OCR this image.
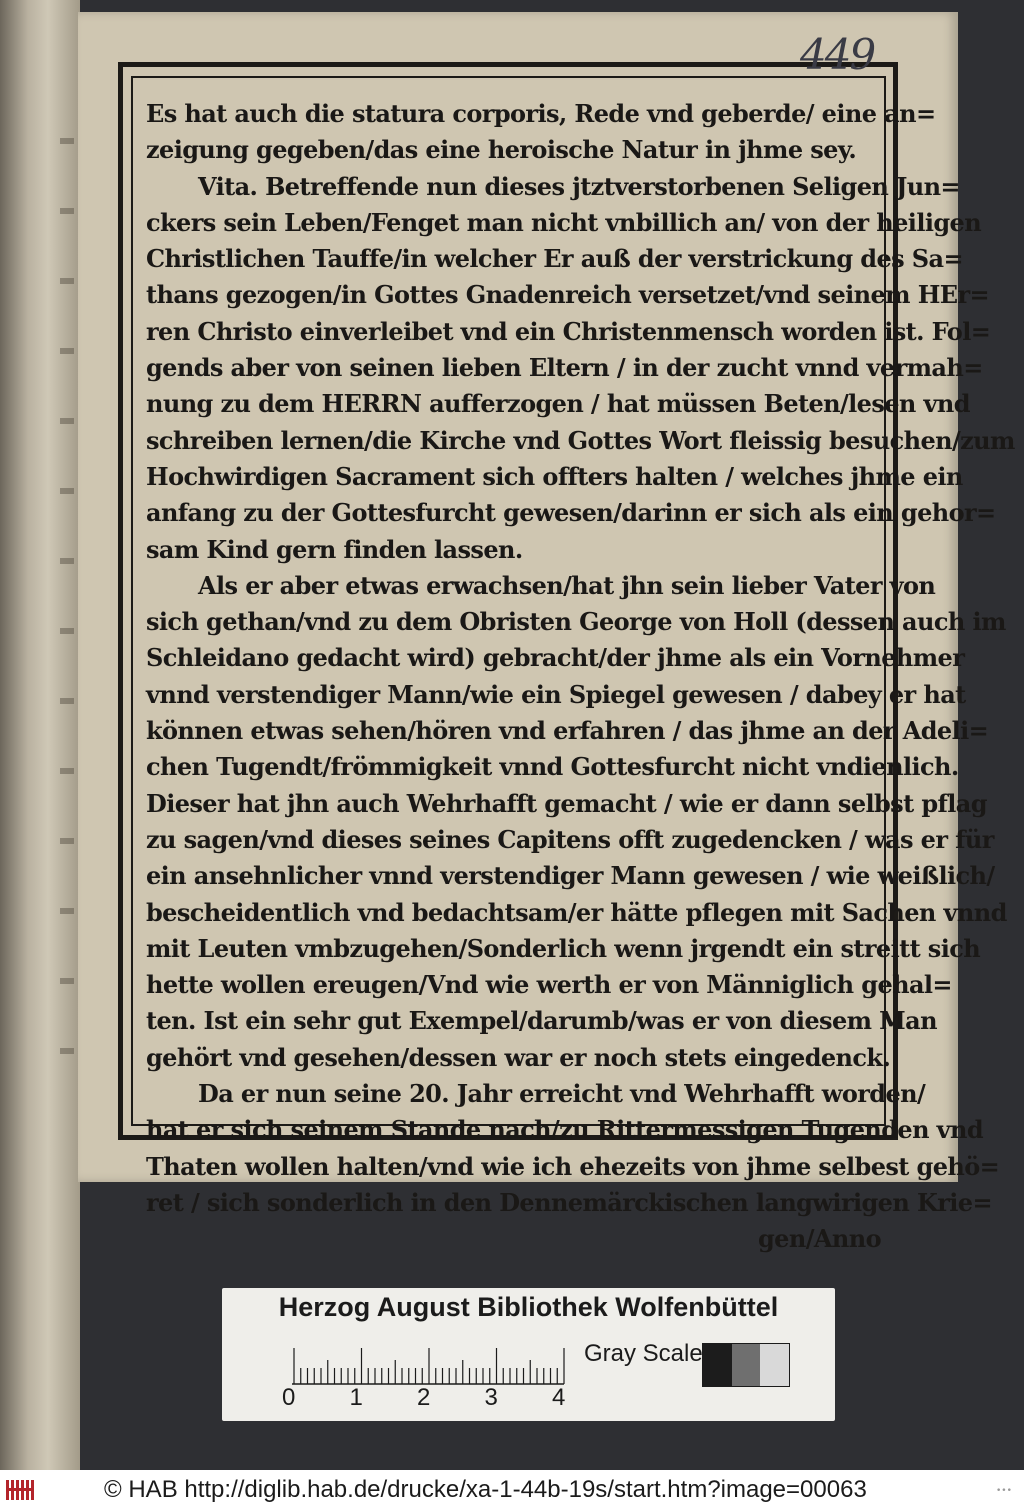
449
Es hat auch die statura corporis, Rede vnd geberde/ eine an=
zeigung gegeben/das eine heroische Natur in jhme sey.
Vita. Betreffende nun dieses jtztverstorbenen Seligen Jun=
ckers sein Leben/Fenget man nicht vnbillich an/ von der heiligen
Christlichen Tauffe/in welcher Er auß der verstrickung des Sa=
thans gezogen/in Gottes Gnadenreich versetzet/vnd seinem HEr=
ren Christo einverleibet vnd ein Christenmensch worden ist. Fol=
gends aber von seinen lieben Eltern / in der zucht vnnd vermah=
nung zu dem HERRN aufferzogen / hat müssen Beten/lesen vnd
schreiben lernen/die Kirche vnd Gottes Wort fleissig besuchen/zum
Hochwirdigen Sacrament sich offters halten / welches jhme ein
anfang zu der Gottesfurcht gewesen/darinn er sich als ein gehor=
sam Kind gern finden lassen.
Als er aber etwas erwachsen/hat jhn sein lieber Vater von
sich gethan/vnd zu dem Obristen George von Holl (dessen auch im
Schleidano gedacht wird) gebracht/der jhme als ein Vornehmer
vnnd verstendiger Mann/wie ein Spiegel gewesen / dabey er hat
können etwas sehen/hören vnd erfahren / das jhme an der Adeli=
chen Tugendt/frömmigkeit vnnd Gottesfurcht nicht vndienlich.
Dieser hat jhn auch Wehrhafft gemacht / wie er dann selbst pflag
zu sagen/vnd dieses seines Capitens offt zugedencken / was er für
ein ansehnlicher vnnd verstendiger Mann gewesen / wie weißlich/
bescheidentlich vnd bedachtsam/er hätte pflegen mit Sachen vnnd
mit Leuten vmbzugehen/Sonderlich wenn jrgendt ein streitt sich
hette wollen ereugen/Vnd wie werth er von Männiglich gehal=
ten. Ist ein sehr gut Exempel/darumb/was er von diesem Man
gehört vnd gesehen/dessen war er noch stets eingedenck.
Da er nun seine 20. Jahr erreicht vnd Wehrhafft worden/
hat er sich seinem Stande nach/zu Rittermessigen Tugenden vnd
Thaten wollen halten/vnd wie ich ehezeits von jhme selbest gehö=
ret / sich sonderlich in den Dennemärckischen langwirigen Krie=
gen/Anno
Herzog August Bibliothek Wolfenbüttel
0 1 2 3 4
Gray Scale
© HAB http://diglib.hab.de/drucke/xa-1-44b-19s/start.htm?image=00063	•••
